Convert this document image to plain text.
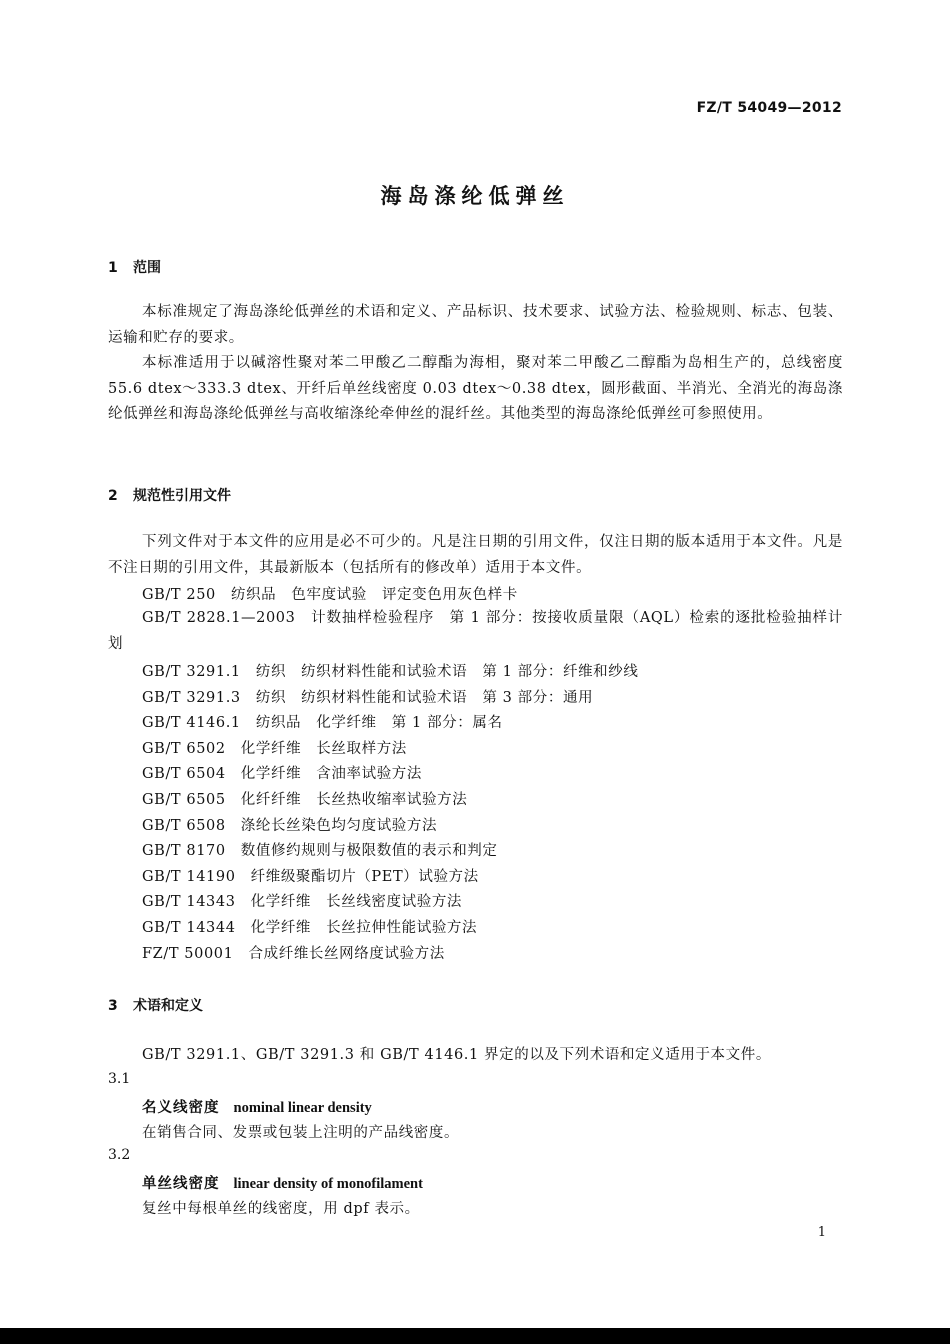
FZ/T 54049—2012
海岛涤纶低弹丝
1 范围
本标准规定了海岛涤纶低弹丝的术语和定义、产品标识、技术要求、试验方法、检验规则、标志、包装、运输和贮存的要求。
本标准适用于以碱溶性聚对苯二甲酸乙二醇酯为海相，聚对苯二甲酸乙二醇酯为岛相生产的，总线密度 55.6 dtex～333.3 dtex、开纤后单丝线密度 0.03 dtex～0.38 dtex，圆形截面、半消光、全消光的海岛涤纶低弹丝和海岛涤纶低弹丝与高收缩涤纶牵伸丝的混纤丝。其他类型的海岛涤纶低弹丝可参照使用。
2 规范性引用文件
下列文件对于本文件的应用是必不可少的。凡是注日期的引用文件，仅注日期的版本适用于本文件。凡是不注日期的引用文件，其最新版本（包括所有的修改单）适用于本文件。
GB/T 250　纺织品　色牢度试验　评定变色用灰色样卡
GB/T 2828.1—2003　计数抽样检验程序　第 1 部分：按接收质量限（AQL）检索的逐批检验抽样计划
GB/T 3291.1　纺织　纺织材料性能和试验术语　第 1 部分：纤维和纱线
GB/T 3291.3　纺织　纺织材料性能和试验术语　第 3 部分：通用
GB/T 4146.1　纺织品　化学纤维　第 1 部分：属名
GB/T 6502　化学纤维　长丝取样方法
GB/T 6504　化学纤维　含油率试验方法
GB/T 6505　化纤纤维　长丝热收缩率试验方法
GB/T 6508　涤纶长丝染色均匀度试验方法
GB/T 8170　数值修约规则与极限数值的表示和判定
GB/T 14190　纤维级聚酯切片（PET）试验方法
GB/T 14343　化学纤维　长丝线密度试验方法
GB/T 14344　化学纤维　长丝拉伸性能试验方法
FZ/T 50001　合成纤维长丝网络度试验方法
3 术语和定义
GB/T 3291.1、GB/T 3291.3 和 GB/T 4146.1 界定的以及下列术语和定义适用于本文件。
3.1
名义线密度 nominal linear density
在销售合同、发票或包装上注明的产品线密度。
3.2
单丝线密度 linear density of monofilament
复丝中每根单丝的线密度，用 dpf 表示。
1
